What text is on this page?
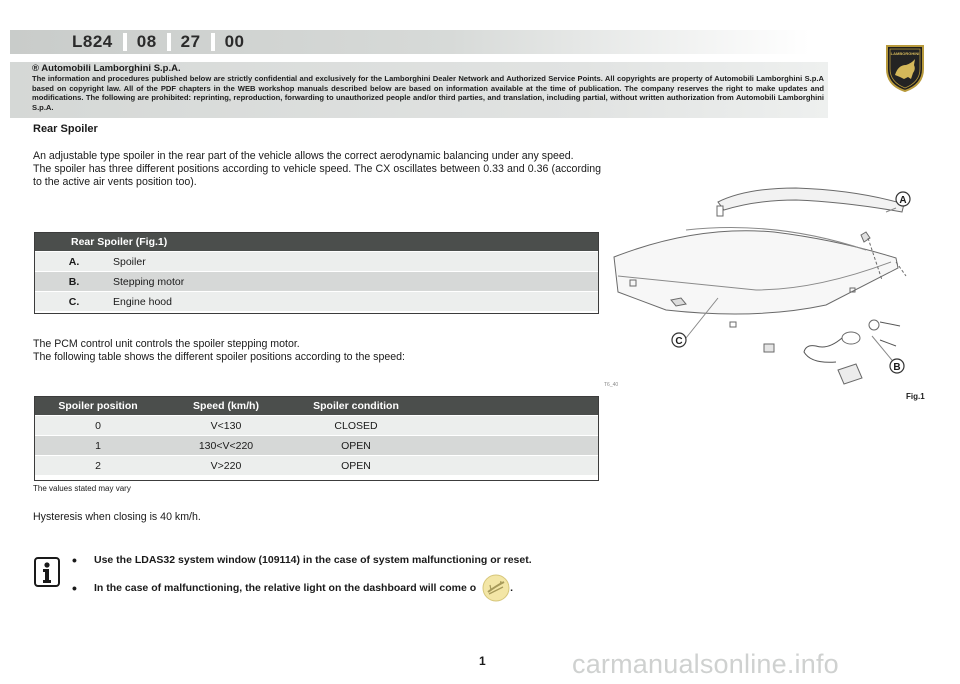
L824 08 27 00
® Automobili Lamborghini S.p.A.
The information and procedures published below are strictly confidential and exclusively for the Lamborghini Dealer Network and Authorized Service Points. All copyrights are property of Automobili Lamborghini S.p.A based on copyright law. All of the PDF chapters in the WEB workshop manuals described below are based on information available at the time of publication. The company reserves the right to make updates and modifications. The following are prohibited: reprinting, reproduction, forwarding to unauthorized people and/or third parties, and translation, including partial, without written authorization from Automobili Lamborghini S.p.A.
LAMBORGHINI
Rear Spoiler

An adjustable type spoiler in the rear part of the vehicle allows the correct aerodynamic balancing under any speed.

The spoiler has three different positions according to vehicle speed. The CX oscillates between 0.33 and 0.36 (according to the active air vents position too).

Rear Spoiler (Fig.1)
A.	Spoiler
B.	Stepping motor
C.	Engine hood

The PCM control unit controls the spoiler stepping motor.

The following table shows the different spoiler positions according to the speed:

Spoiler position	Speed (km/h)	Spoiler condition
0	V<130	CLOSED
1	130<V<220	OPEN
2	V>220	OPEN
The values stated may vary
Hysteresis when closing is 40 km/h.
•	Use the LDAS32 system window (109114) in the case of system malfunctioning or reset.
•	In the case of malfunctioning, the relative light on the dashboard will come o	.
A
B
C
T6_40
Fig.1
1	carmanualsonline.info
